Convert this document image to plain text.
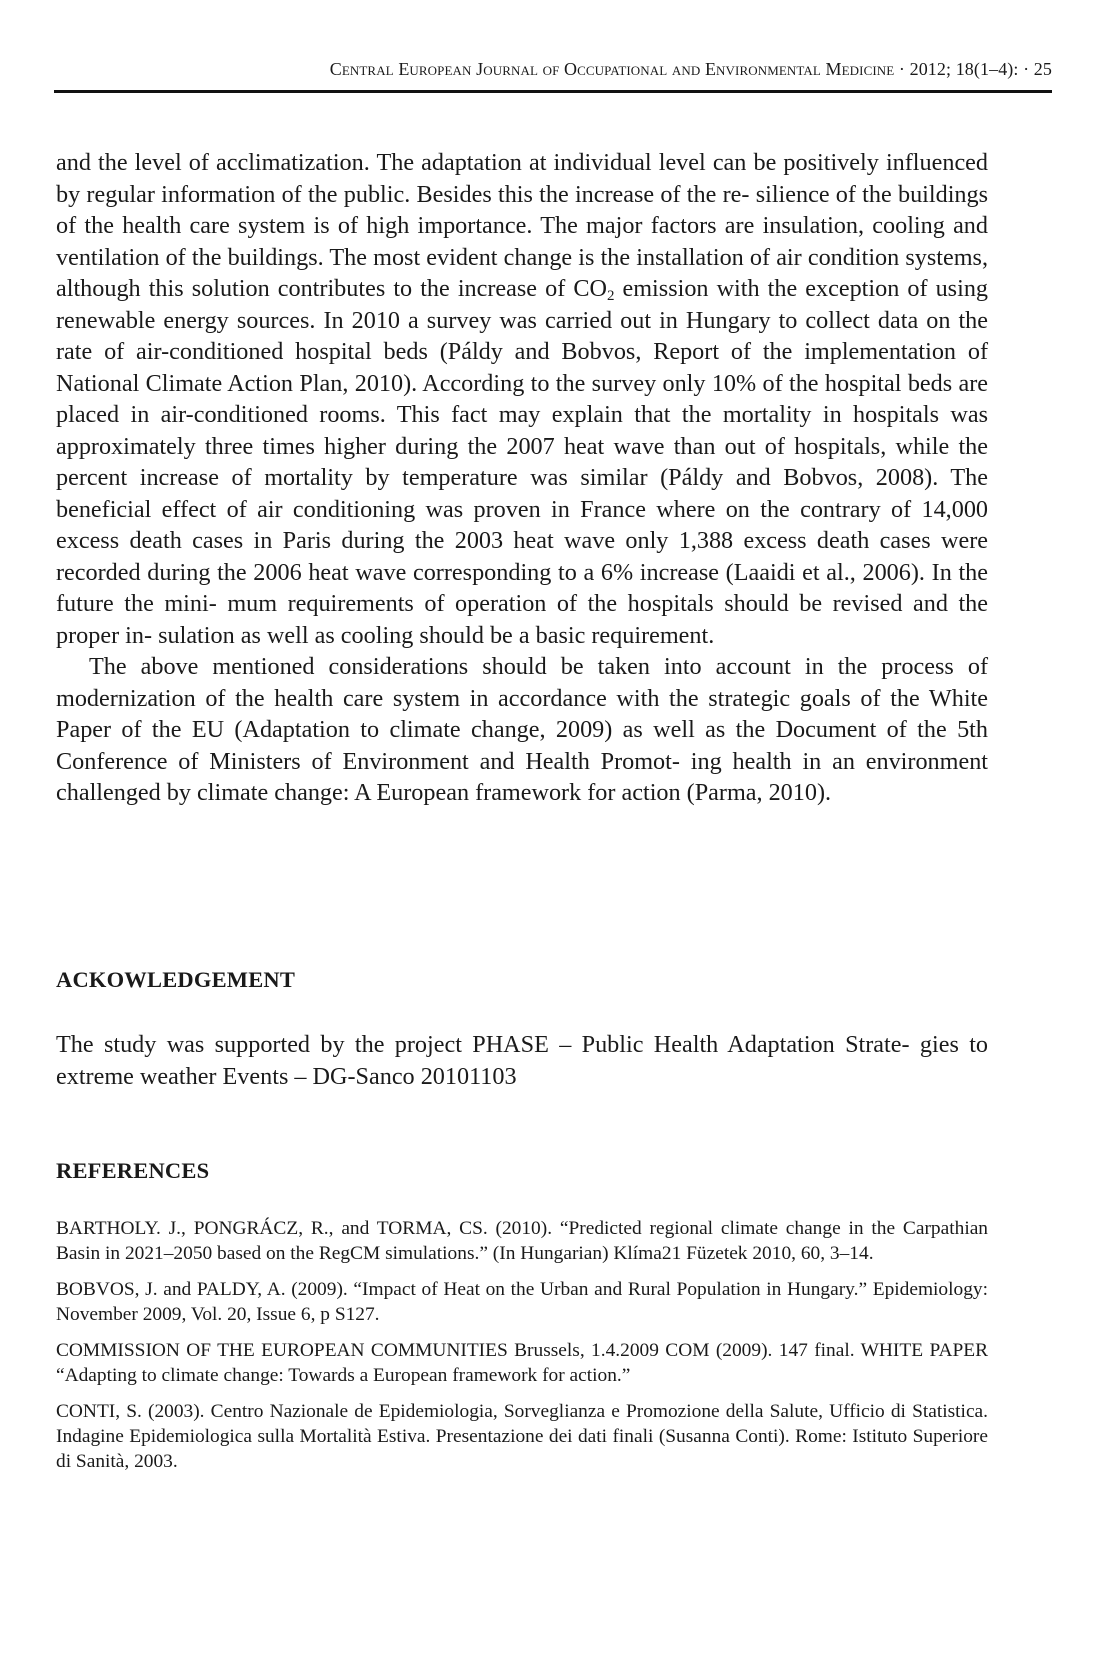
Central European Journal of Occupational and Environmental Medicine · 2012; 18(1–4): · 25

and the level of acclimatization. The adaptation at individual level can be positively influenced by regular information of the public. Besides this the increase of the re- silience of the buildings of the health care system is of high importance. The major factors are insulation, cooling and ventilation of the buildings. The most evident change is the installation of air condition systems, although this solution contributes to the increase of $CO_2$ emission with the exception of using renewable energy sources. In 2010 a survey was carried out in Hungary to collect data on the rate of air-conditioned hospital beds (Páldy and Bobvos, Report of the implementation of National Climate Action Plan, 2010). According to the survey only 10% of the hospital beds are placed in air-conditioned rooms. This fact may explain that the mortality in hospitals was approximately three times higher during the 2007 heat wave than out of hospitals, while the percent increase of mortality by temperature was similar (Páldy and Bobvos, 2008). The beneficial effect of air conditioning was proven in France where on the contrary of 14,000 excess death cases in Paris during the 2003 heat wave only 1,388 excess death cases were recorded during the 2006 heat wave corresponding to a 6% increase (Laaidi et al., 2006). In the future the mini- mum requirements of operation of the hospitals should be revised and the proper in- sulation as well as cooling should be a basic requirement.

The above mentioned considerations should be taken into account in the process of modernization of the health care system in accordance with the strategic goals of the White Paper of the EU (Adaptation to climate change, 2009) as well as the Document of the 5th Conference of Ministers of Environment and Health Promot- ing health in an environment challenged by climate change: A European framework for action (Parma, 2010).

ACKOWLEDGEMENT
The study was supported by the project PHASE – Public Health Adaptation Strate- gies to extreme weather Events – DG-Sanco 20101103
REFERENCES

BARTHOLY. J., PONGRÁCZ, R., and TORMA, CS. (2010). “Predicted regional climate change in the Carpathian Basin in 2021–2050 based on the RegCM simulations.” (In Hungarian) Klíma21 Füzetek 2010, 60, 3–14.

BOBVOS, J. and PALDY, A. (2009). “Impact of Heat on the Urban and Rural Population in Hungary.” Epidemiology: November 2009, Vol. 20, Issue 6, p S127.

COMMISSION OF THE EUROPEAN COMMUNITIES Brussels, 1.4.2009 COM (2009). 147 final. WHITE PAPER “Adapting to climate change: Towards a European framework for action.”

CONTI, S. (2003). Centro Nazionale de Epidemiologia, Sorveglianza e Promozione della Salute, Ufficio di Statistica. Indagine Epidemiologica sulla Mortalità Estiva. Presentazione dei dati finali (Susanna Conti). Rome: Istituto Superiore di Sanità, 2003.
